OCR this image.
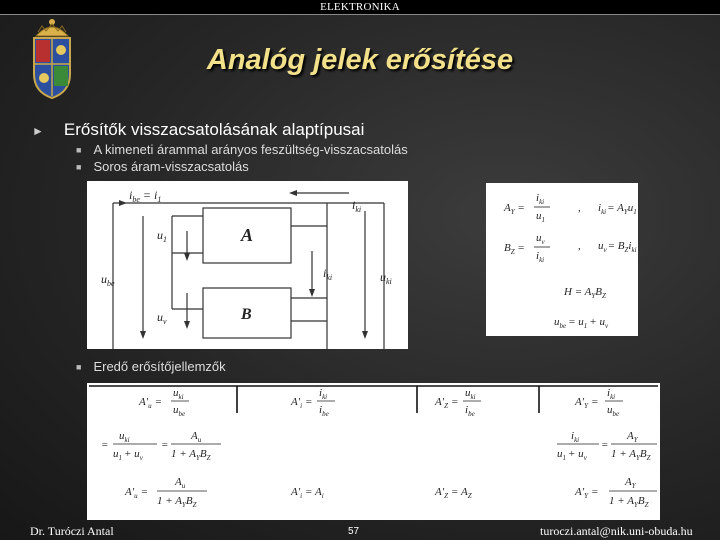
ELEKTRONIKA
Analóg jelek erősítése
► Erősítők visszacsatolásának alaptípusai
■ A kimeneti árammal arányos feszültség-visszacsatolás
■ Soros áram-visszacsatolás
■ Eredő erősítőjellemzők
A
B
$i_{be} = i_1$	$i_{ki}$
$u_1$
$u_{be}$
$i_{ki}$	$u_{ki}$
$u_v$
$A_Y$ =
$i_{ki}$
$u_1$
, $i_{ki}= A_Yu_1$
$B_Z$ =
$u_v$
$i_{ki}$
, $u_v= B_Zi_{ki}$
$H = A_YB_Z$
$u_{be} = u_1 + u_v$
$A'_u$ =
$u_{ki}$
$u_{be}$
$A'_i$ =
$i_{ki}$
$i_{be}$
$A'_Z$ =
$u_{ki}$
$i_{be}$
$A'_Y$ =
$i_{ki}$
$u_{be}$
=
$u_{ki}$
$u_1 + u_v$
=
$A_u$
$1 + A_YB_Z$
$i_{ki}$
$u_1 + u_v$
=
$A_Y$
$1 + A_YB_Z$
$A'_u$ =
$A_u$
$1 + A_YB_Z$
$A'_i = A_i$	$A'_Z = A_Z$	$A'_Y$ =
$A_Y$
$1 + A_YB_Z$
Dr. Turóczi Antal	57	turoczi.antal@nik.uni-obuda.hu
